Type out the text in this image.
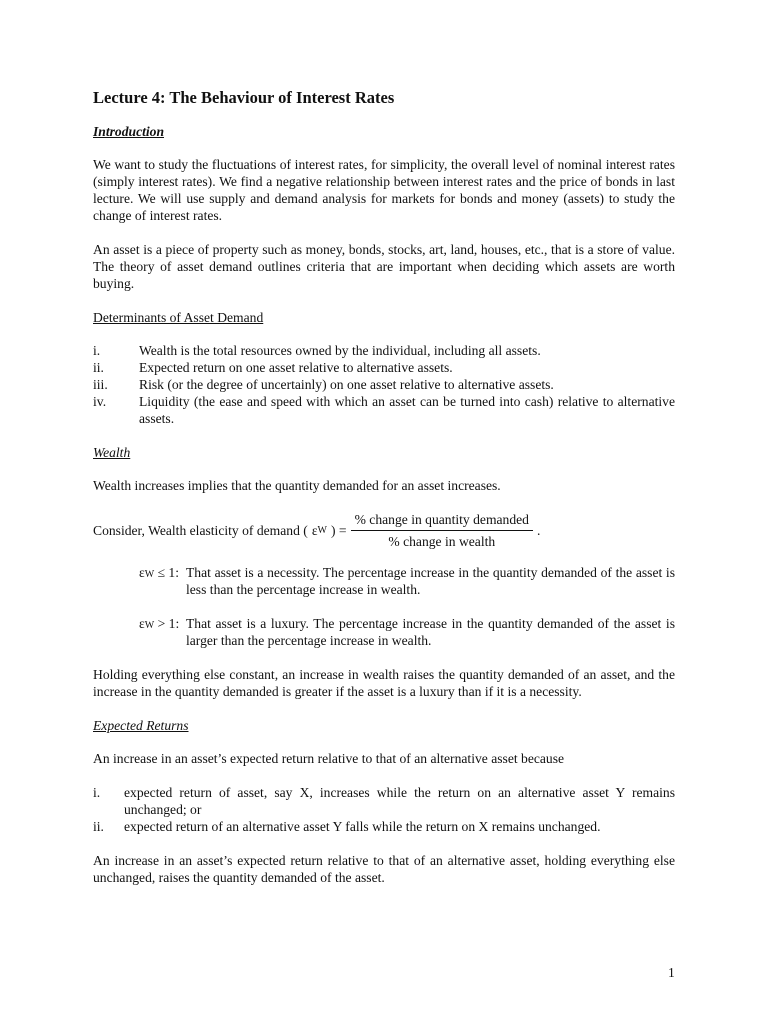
Lecture 4: The Behaviour of Interest Rates
Introduction

We want to study the fluctuations of interest rates, for simplicity, the overall level of nominal interest rates (simply interest rates). We find a negative relationship between interest rates and the price of bonds in last lecture. We will use supply and demand analysis for markets for bonds and money (assets) to study the change of interest rates.

An asset is a piece of property such as money, bonds, stocks, art, land, houses, etc., that is a store of value. The theory of asset demand outlines criteria that are important when deciding which assets are worth buying.

Determinants of Asset Demand
i.	Wealth is the total resources owned by the individual, including all assets.
ii.	Expected return on one asset relative to alternative assets.
iii.	Risk (or the degree of uncertainly) on one asset relative to alternative assets.
iv.	Liquidity (the ease and speed with which an asset can be turned into cash) relative to alternative assets.
Wealth

Wealth increases implies that the quantity demanded for an asset increases.

Consider, Wealth elasticity of demand ( ε W ) = $\frac{\text{\% change in quantity demanded}}{\text{\% change in wealth}}$ .
εW ≤ 1: That asset is a necessity. The percentage increase in the quantity demanded of the asset is less than the percentage increase in wealth.
εW > 1: That asset is a luxury. The percentage increase in the quantity demanded of the asset is larger than the percentage increase in wealth.

Holding everything else constant, an increase in wealth raises the quantity demanded of an asset, and the increase in the quantity demanded is greater if the asset is a luxury than if it is a necessity.

Expected Returns

An increase in an asset’s expected return relative to that of an alternative asset because

i.	expected return of asset, say X, increases while the return on an alternative asset Y remains unchanged; or
ii.	expected return of an alternative asset Y falls while the return on X remains unchanged.

An increase in an asset’s expected return relative to that of an alternative asset, holding everything else unchanged, raises the quantity demanded of the asset.

1
